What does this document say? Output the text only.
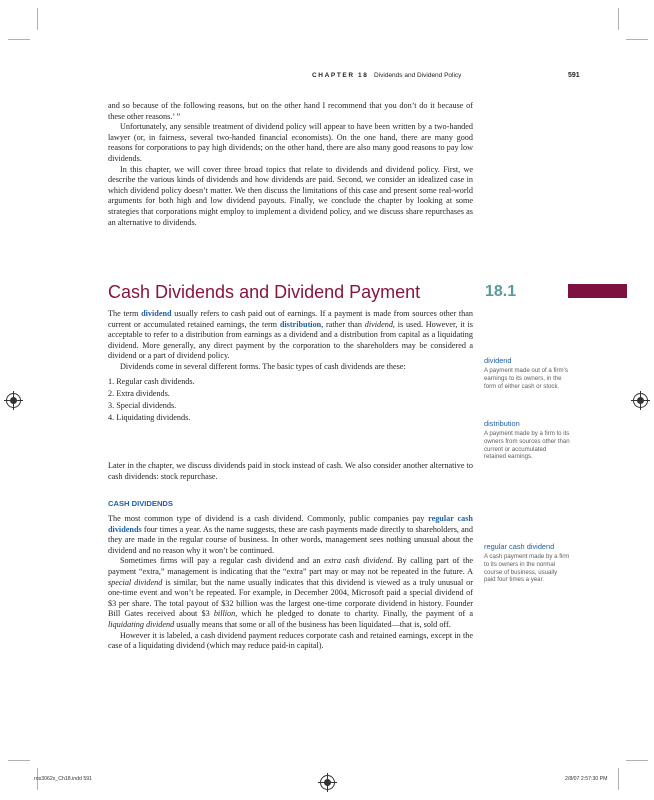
CHAPTER 18 Dividends and Dividend Policy	591

and so because of the following reasons, but on the other hand I recommend that you don’t do it because of these other reasons.’ ”

Unfortunately, any sensible treatment of dividend policy will appear to have been written by a two-handed lawyer (or, in fairness, several two-handed financial economists). On the one hand, there are many good reasons for corporations to pay high dividends; on the other hand, there are also many good reasons to pay low dividends.

In this chapter, we will cover three broad topics that relate to dividends and dividend policy. First, we describe the various kinds of dividends and how dividends are paid. Second, we consider an idealized case in which dividend policy doesn’t matter. We then discuss the limitations of this case and present some real-world arguments for both high and low dividend payouts. Finally, we conclude the chapter by looking at some strategies that corporations might employ to implement a dividend policy, and we discuss share repurchases as an alternative to dividends.

Cash Dividends and Dividend Payment	18.1

The term dividend usually refers to cash paid out of earnings. If a payment is made from sources other than current or accumulated retained earnings, the term distribution, rather than dividend, is used. However, it is acceptable to refer to a distribution from earnings as a dividend and a distribution from capital as a liquidating dividend. More generally, any direct payment by the corporation to the shareholders may be considered a dividend or a part of dividend policy.

Dividends come in several different forms. The basic types of cash dividends are these:

1. Regular cash dividends.
2. Extra dividends.
3. Special dividends.
4. Liquidating dividends.

Later in the chapter, we discuss dividends paid in stock instead of cash. We also consider another alternative to cash dividends: stock repurchase.

CASH DIVIDENDS

The most common type of dividend is a cash dividend. Commonly, public companies pay regular cash dividends four times a year. As the name suggests, these are cash payments made directly to shareholders, and they are made in the regular course of business. In other words, management sees nothing unusual about the dividend and no reason why it won’t be continued.

Sometimes firms will pay a regular cash dividend and an extra cash dividend. By calling part of the payment “extra,” management is indicating that the “extra” part may or may not be repeated in the future. A special dividend is similar, but the name usually indicates that this dividend is viewed as a truly unusual or one-time event and won’t be repeated. For example, in December 2004, Microsoft paid a special dividend of $3 per share. The total payout of $32 billion was the largest one-time corporate dividend in history. Founder Bill Gates received about $3 billion, which he pledged to donate to charity. Finally, the payment of a liquidating dividend usually means that some or all of the business has been liquidated—that is, sold off.

However it is labeled, a cash dividend payment reduces corporate cash and retained earnings, except in the case of a liquidating dividend (which may reduce paid-in capital).

dividend
A payment made out of a firm’s earnings to its owners, in the form of either cash or stock.
distribution
A payment made by a firm to its owners from sources other than current or accumulated retained earnings.
regular cash dividend
A cash payment made by a firm to its owners in the normal course of business, usually paid four times a year.
ros3062x_Ch18.indd 591	2/8/07 2:57:30 PM
